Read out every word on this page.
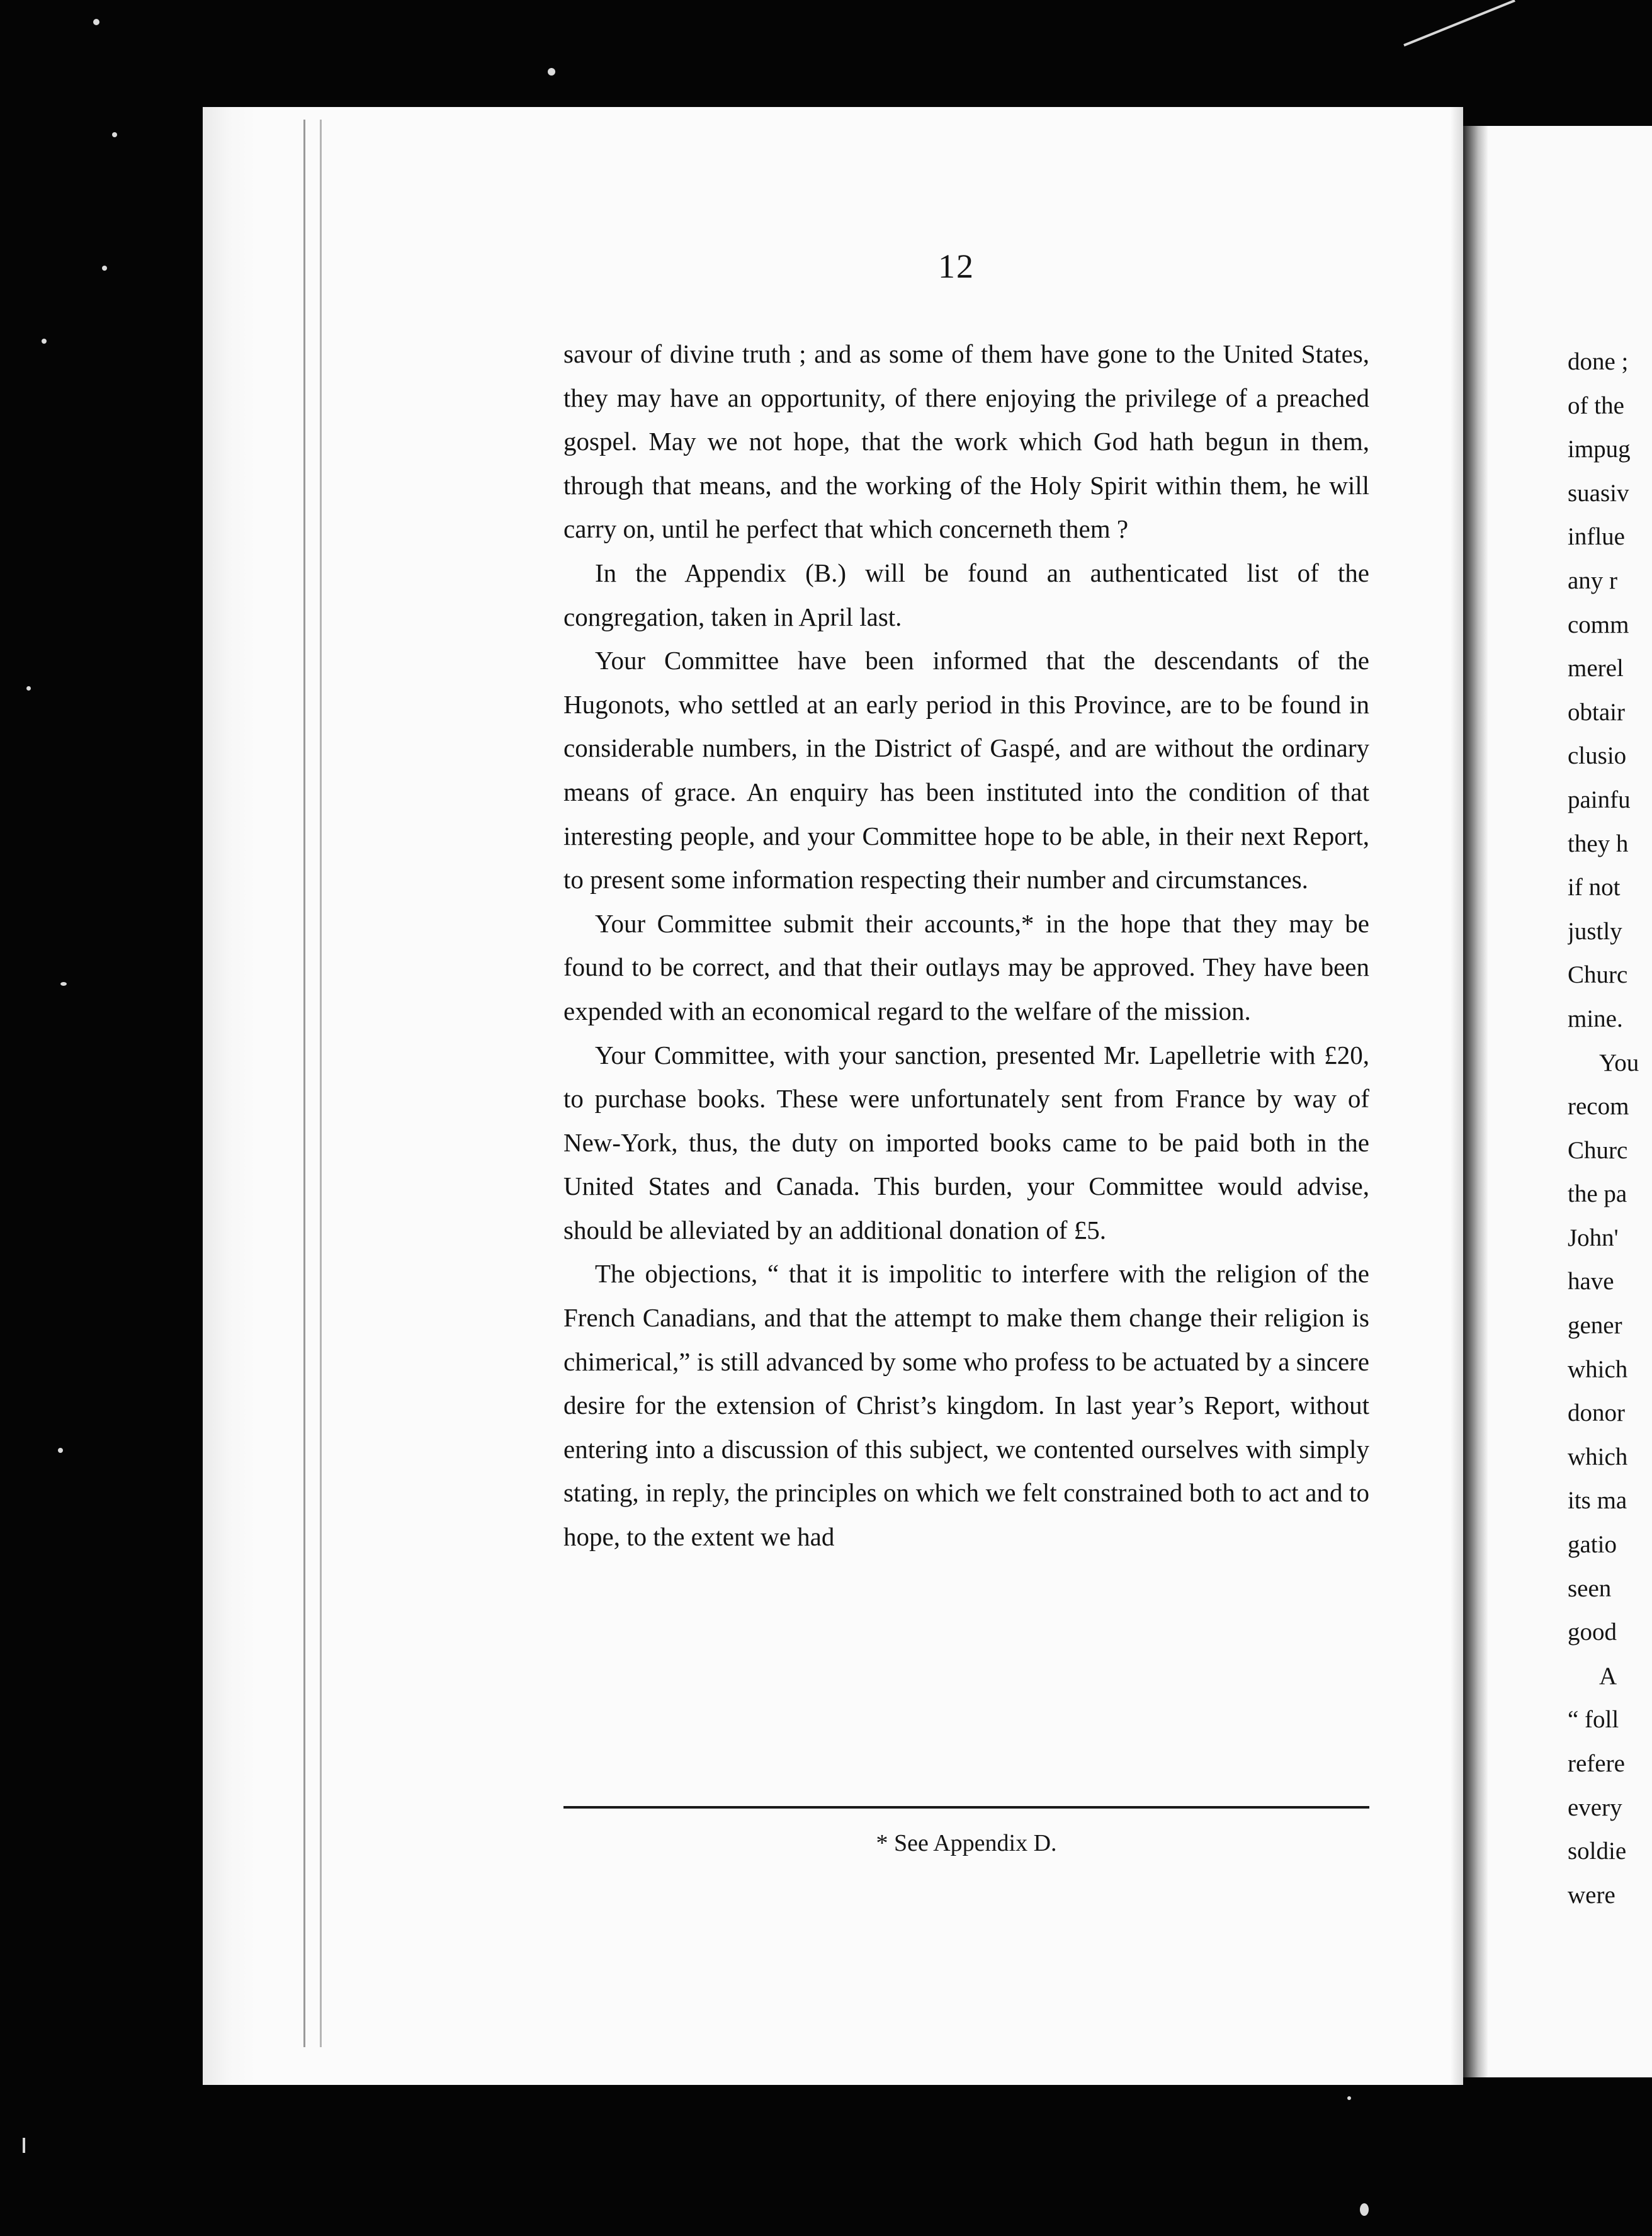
done ;
of the
impug
suasiv
influe
any r
comm
merel
obtair
clusio
painfu
they h
if not
justly
Churc
mine.
You
recom
Churc
the pa
John'
have
gener
which
donor
which
its ma
gatio
seen
good
A
“ foll
refere
every
soldie
were
12

savour of divine truth ; and as some of them have gone to the United States, they may have an opportunity, of there enjoying the privilege of a preached gospel. May we not hope, that the work which God hath begun in them, through that means, and the working of the Holy Spirit within them, he will carry on, until he perfect that which concerneth them ?

In the Appendix (B.) will be found an authenticated list of the congregation, taken in April last.

Your Committee have been informed that the descendants of the Hugonots, who settled at an early period in this Province, are to be found in considerable numbers, in the District of Gaspé, and are without the ordinary means of grace. An enquiry has been instituted into the condition of that interesting people, and your Committee hope to be able, in their next Report, to present some information respecting their number and circumstances.

Your Committee submit their accounts,* in the hope that they may be found to be correct, and that their outlays may be approved. They have been expended with an economical regard to the welfare of the mission.

Your Committee, with your sanction, presented Mr. Lapelletrie with £20, to purchase books. These were unfortunately sent from France by way of New-York, thus, the duty on imported books came to be paid both in the United States and Canada. This burden, your Committee would advise, should be alleviated by an additional donation of £5.

The objections, “ that it is impolitic to interfere with the religion of the French Canadians, and that the attempt to make them change their religion is chimerical,” is still advanced by some who profess to be actuated by a sincere desire for the extension of Christ’s kingdom. In last year’s Report, without entering into a discussion of this subject, we contented ourselves with simply stating, in reply, the principles on which we felt constrained both to act and to hope, to the extent we had

* See Appendix D.
